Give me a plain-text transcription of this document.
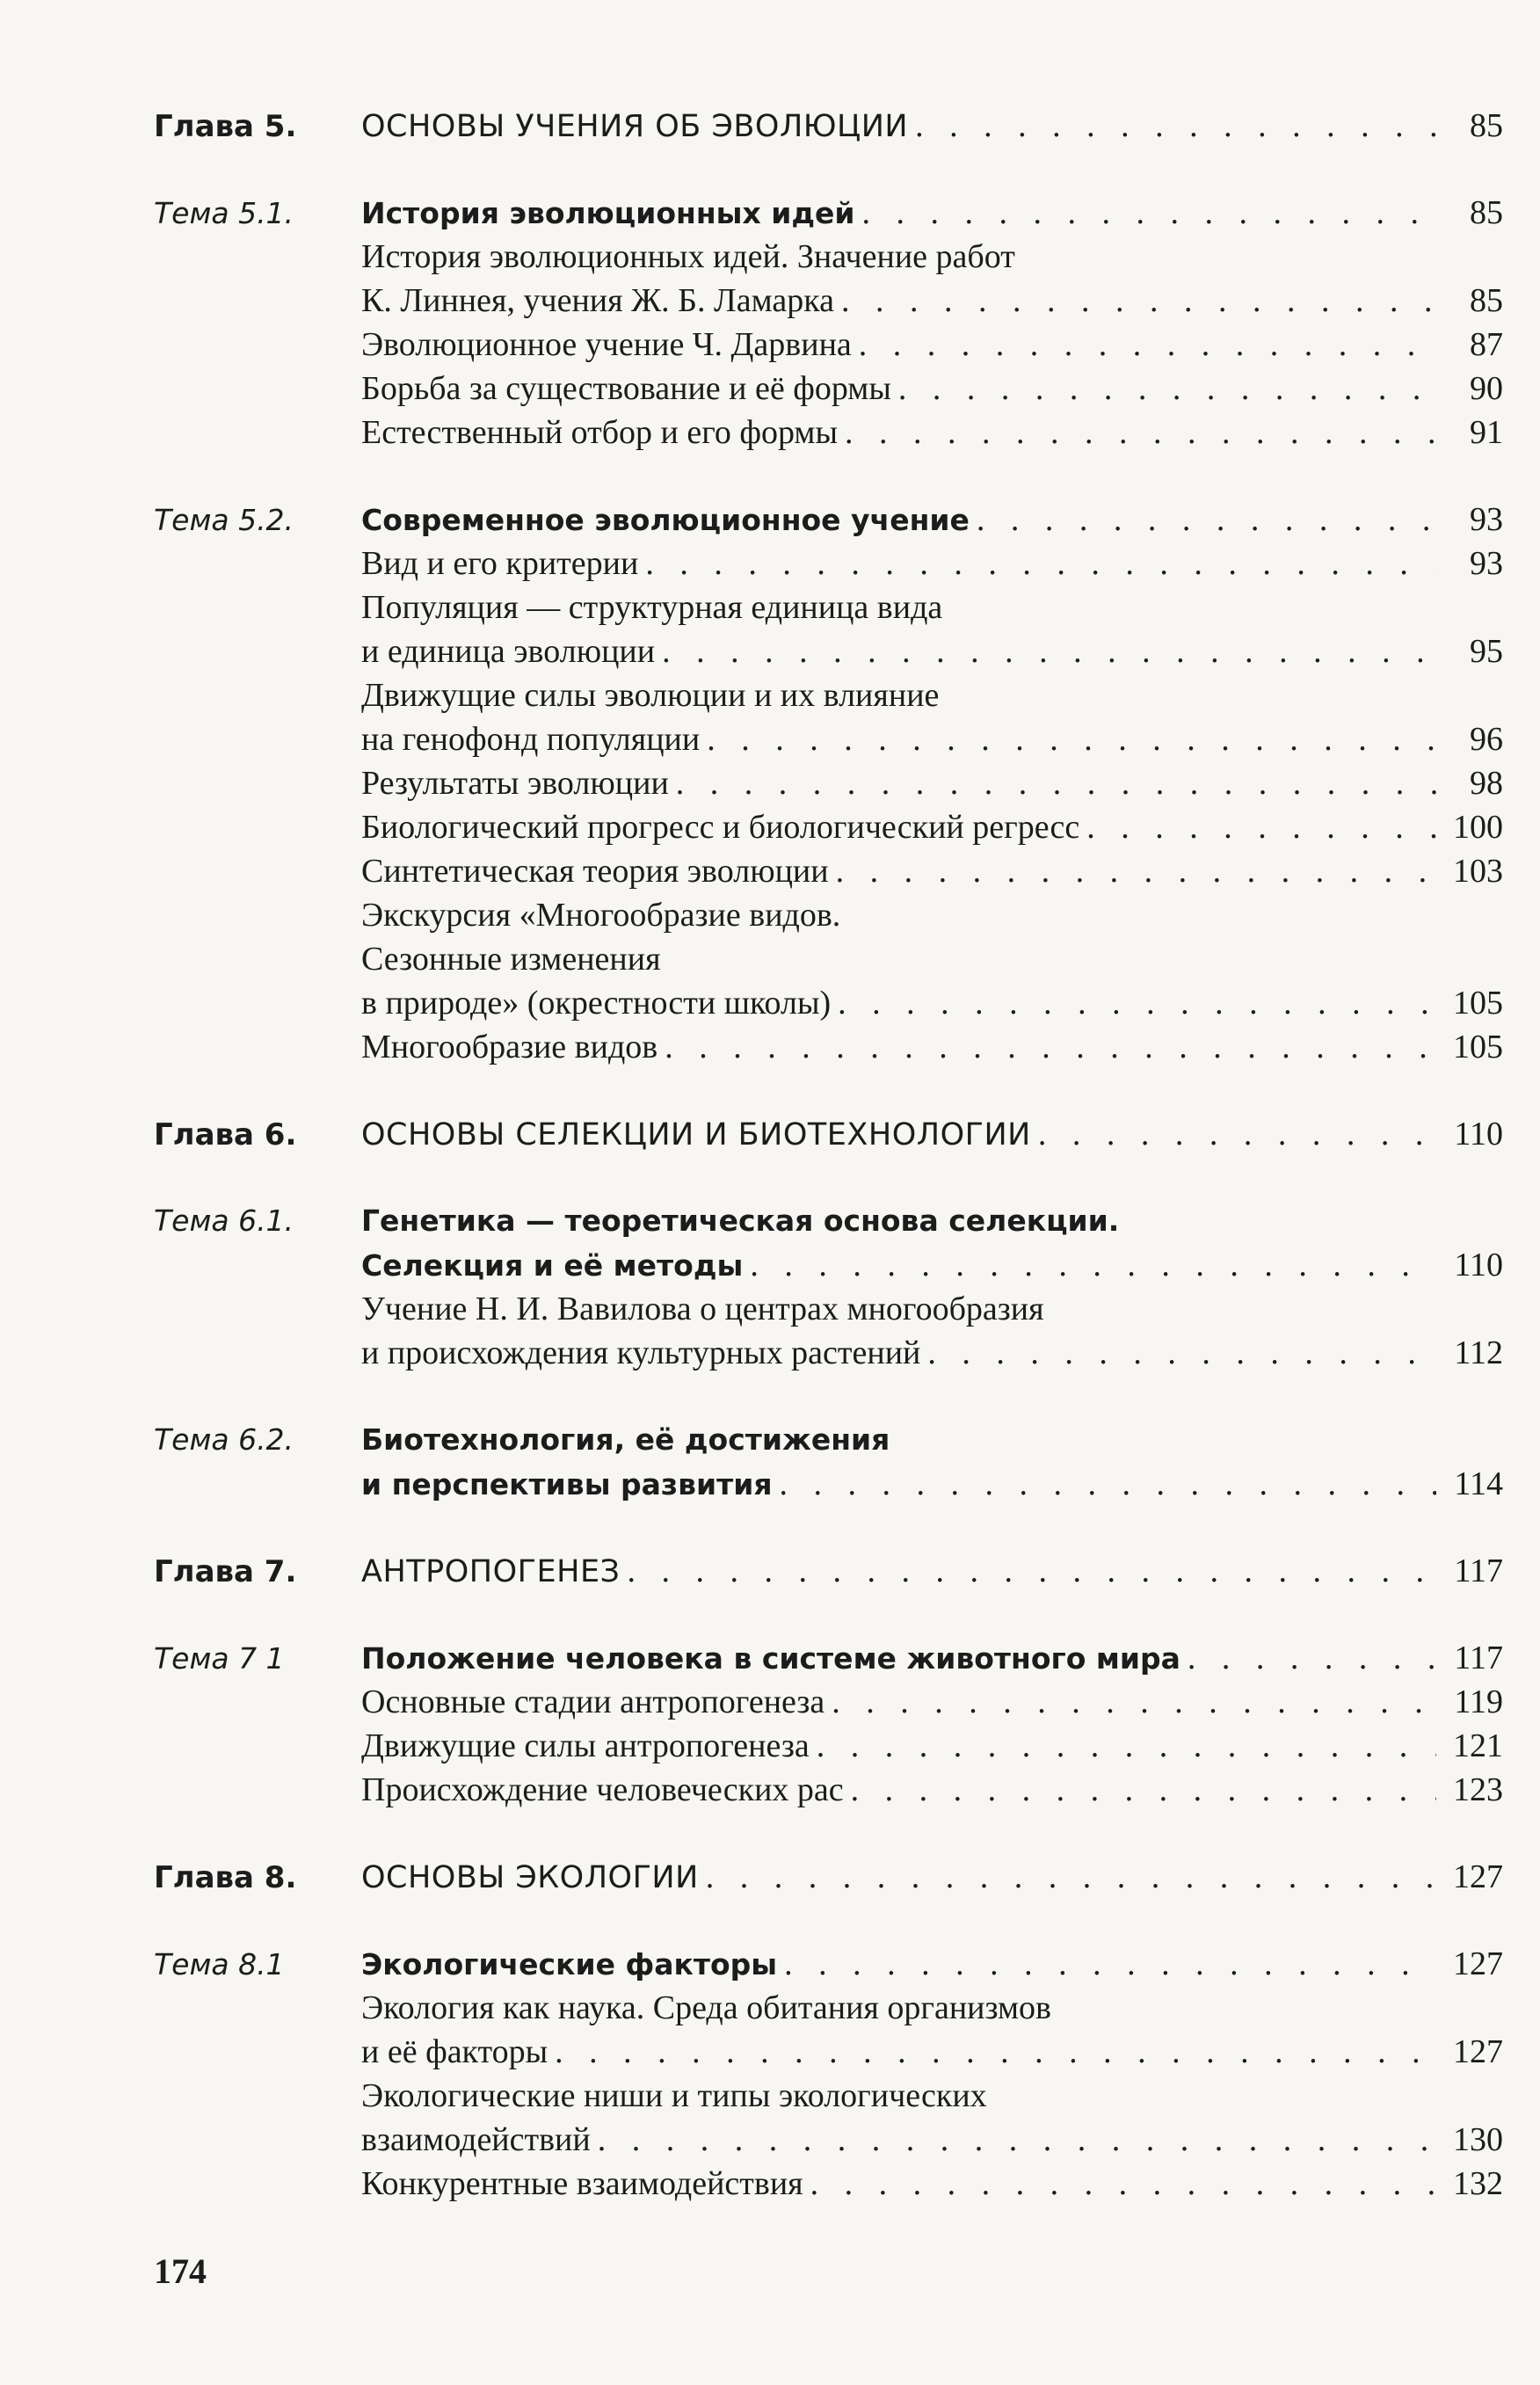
Глава 5.	ОСНОВЫ УЧЕНИЯ ОБ ЭВОЛЮЦИИ . . .	85
Тема 5.1.	История эволюционных идей . . .	85
История эволюционных идей. Значение работ
К. Линнея, учения Ж. Б. Ламарка . . .	85
Эволюционное учение Ч. Дарвина . . .	87
Борьба за существование и её формы . . .	90
Естественный отбор и его формы . . .	91
Тема 5.2.	Современное эволюционное учение . . .	93
Вид и его критерии . . .	93
Популяция — структурная единица вида
и единица эволюции . . .	95
Движущие силы эволюции и их влияние
на генофонд популяции . . .	96
Результаты эволюции . . .	98
Биологический прогресс и биологический регресс . . .	100
Синтетическая теория эволюции . . .	103
Экскурсия «Многообразие видов.
Сезонные изменения
в природе» (окрестности школы) . . .	105
Многообразие видов . . .	105
Глава 6.	ОСНОВЫ СЕЛЕКЦИИ И БИОТЕХНОЛОГИИ . . .	110
Тема 6.1.	Генетика — теоретическая основа селекции.
Селекция и её методы . . .	110
Учение Н. И. Вавилова о центрах многообразия
и происхождения культурных растений . . .	112
Тема 6.2.	Биотехнология, её достижения
и перспективы развития . . .	114
Глава 7.	АНТРОПОГЕНЕЗ . . .	117
Тема 7 1	Положение человека в системе животного мира . . .	117
Основные стадии антропогенеза . . .	119
Движущие силы антропогенеза . . .	121
Происхождение человеческих рас . . .	123
Глава 8.	ОСНОВЫ ЭКОЛОГИИ . . .	127
Тема 8.1	Экологические факторы . . .	127
Экология как наука. Среда обитания организмов
и её факторы . . .	127
Экологические ниши и типы экологических
взаимодействий . . .	130
Конкурентные взаимодействия . . .	132
174
